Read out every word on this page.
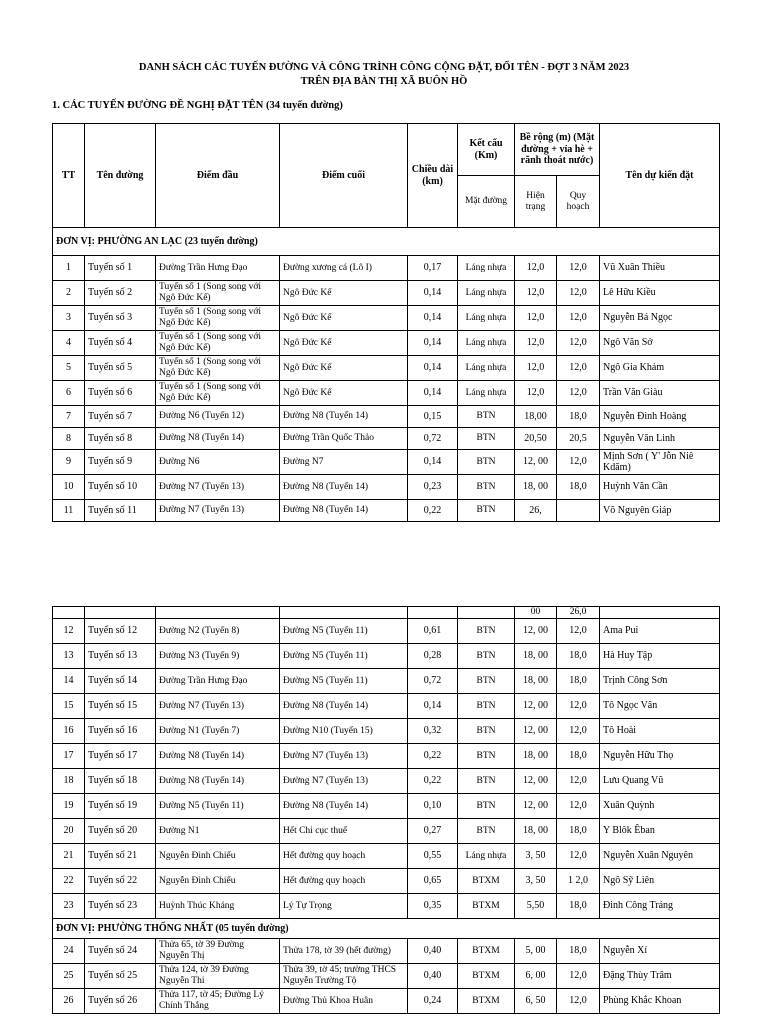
DANH SÁCH CÁC TUYẾN ĐƯỜNG VÀ CÔNG TRÌNH CÔNG CỘNG ĐẶT, ĐỔI TÊN - ĐỢT 3 NĂM 2023
TRÊN ĐỊA BÀN THỊ XÃ BUÔN HỒ
1. CÁC TUYẾN ĐƯỜNG ĐỀ NGHỊ ĐẶT TÊN (34 tuyến đường)
TT	Tên đường	Điểm đầu	Điểm cuối	Chiều dài (km)	Kết cấu (Km)	Bề rộng (m) (Mặt đường + vỉa hè + rãnh thoát nước)		Tên dự kiến đặt
					Mặt đường	Hiện trạng	Quy hoạch	
ĐƠN VỊ: PHƯỜNG AN LẠC (23 tuyến đường)								
1	Tuyến số 1	Đường Trần Hưng Đạo	Đường xương cá (Lô I)	0,17	Láng nhựa	12,0	12,0	Vũ Xuân Thiều
2	Tuyến số 2	Tuyến số 1 (Song song với Ngô Đức Kế)	Ngô Đức Kế	0,14	Láng nhựa	12,0	12,0	Lê Hữu Kiều
3	Tuyến số 3	Tuyến số 1 (Song song với Ngô Đức Kế)	Ngô Đức Kế	0,14	Láng nhựa	12,0	12,0	Nguyễn Bá Ngọc
4	Tuyến số 4	Tuyến số 1 (Song song với Ngô Đức Kế)	Ngô Đức Kế	0,14	Láng nhựa	12,0	12,0	Ngô Văn Sở
5	Tuyến số 5	Tuyến số 1 (Song song với Ngô Đức Kế)	Ngô Đức Kế	0,14	Láng nhựa	12,0	12,0	Ngô Gia Khảm
6	Tuyến số 6	Tuyến số 1 (Song song với Ngô Đức Kế)	Ngô Đức Kế	0,14	Láng nhựa	12,0	12,0	Trần Văn Giàu
7	Tuyến số 7	Đường N6 (Tuyến 12)	Đường N8 (Tuyến 14)	0,15	BTN	18,00	18,0	Nguyễn Đình Hoàng
8	Tuyến số 8	Đường N8 (Tuyến 14)	Đường Trần Quốc Thảo	0,72	BTN	20,50	20,5	Nguyễn Văn Linh
9	Tuyến số 9	Đường N6	Đường N7	0,14	BTN	12, 00	12,0	Mịnh Sơn ( Y' Jỗn Niê Kdăm)
10	Tuyến số 10	Đường N7 (Tuyến 13)	Đường N8 (Tuyến 14)	0,23	BTN	18, 00	18,0	Huỳnh Văn Cần
11	Tuyến số 11	Đường N7 (Tuyến 13)	Đường N8 (Tuyến 14)	0,22	BTN	26,		Võ Nguyên Giáp
						00	26,0	
12	Tuyến số 12	Đường N2 (Tuyến 8)	Đường N5 (Tuyến 11)	0,61	BTN	12, 00	12,0	Ama Pui
13	Tuyến số 13	Đường N3 (Tuyến 9)	Đường N5 (Tuyến 11)	0,28	BTN	18, 00	18,0	Hà Huy Tập
14	Tuyến số 14	Đường Trần Hưng Đạo	Đường N5 (Tuyến 11)	0,72	BTN	18, 00	18,0	Trịnh Công Sơn
15	Tuyến số 15	Đường N7 (Tuyến 13)	Đường N8 (Tuyến 14)	0,14	BTN	12, 00	12,0	Tô Ngọc Vân
16	Tuyến số 16	Đường N1 (Tuyến 7)	Đường N10 (Tuyến 15)	0,32	BTN	12, 00	12,0	Tô Hoài
17	Tuyến số 17	Đường N8 (Tuyến 14)	Đường N7 (Tuyến 13)	0,22	BTN	18, 00	18,0	Nguyễn Hữu Thọ
18	Tuyến số 18	Đường N8 (Tuyến 14)	Đường N7 (Tuyến 13)	0,22	BTN	12, 00	12,0	Lưu Quang Vũ
19	Tuyến số 19	Đường N5 (Tuyến 11)	Đường N8 (Tuyến 14)	0,10	BTN	12, 00	12,0	Xuân Quỳnh
20	Tuyến số 20	Đường N1	Hết Chi cục thuế	0,27	BTN	18, 00	18,0	Y Blôk Êban
21	Tuyến số 21	Nguyễn Đình Chiểu	Hết đường quy hoạch	0,55	Láng nhựa	3, 50	12,0	Nguyễn Xuân Nguyên
22	Tuyến số 22	Nguyễn Đình Chiểu	Hết đường quy hoạch	0,65	BTXM	3, 50	1 2,0	Ngô Sỹ Liên
23	Tuyến số 23	Huỳnh Thúc Kháng	Lý Tự Trọng	0,35	BTXM	5,50	18,0	Đinh Công Tráng
ĐƠN VỊ: PHƯỜNG THỐNG NHẤT (05 tuyến đường)								
24	Tuyến số 24	Thửa 65, tờ 39 Đường Nguyễn Thị	Thửa 178, tờ 39 (hết đường)	0,40	BTXM	5, 00	18,0	Nguyễn Xí
25	Tuyến số 25	Thửa 124, tờ 39 Đường Nguyễn Thi	Thửa 39, tờ 45; trường THCS Nguyễn Trường Tộ	0,40	BTXM	6, 00	12,0	Đặng Thùy Trâm
26	Tuyến số 26	Thửa 117, tờ 45; Đường Lý Chính Thắng	Đường Thủ Khoa Huân	0,24	BTXM	6, 50	12,0	Phùng Khắc Khoan
